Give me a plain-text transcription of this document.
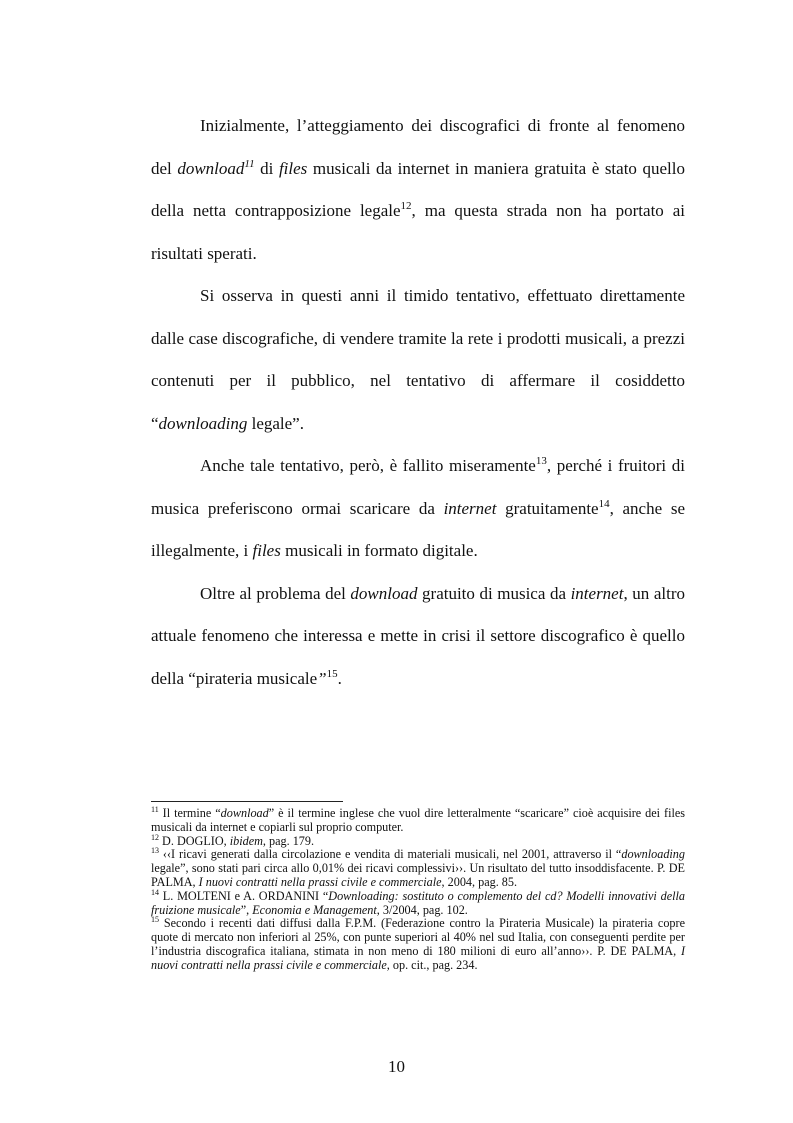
Inizialmente, l’atteggiamento dei discografici di fronte al fenomeno del download$^{11}$ di files musicali da internet in maniera gratuita è stato quello della netta contrapposizione legale$^{12}$, ma questa strada non ha portato ai risultati sperati.

Si osserva in questi anni il timido tentativo, effettuato direttamente dalle case discografiche, di vendere tramite la rete i prodotti musicali, a prezzi contenuti per il pubblico, nel tentativo di affermare il cosiddetto “downloading legale”.

Anche tale tentativo, però, è fallito miseramente$^{13}$, perché i fruitori di musica preferiscono ormai scaricare da internet gratuitamente$^{14}$, anche se illegalmente, i files musicali in formato digitale.

Oltre al problema del download gratuito di musica da internet, un altro attuale fenomeno che interessa e mette in crisi il settore discografico è quello della “pirateria musicale”$^{15}$.

$^{11}$ Il termine “download” è il termine inglese che vuol dire letteralmente “scaricare” cioè acquisire dei files musicali da internet e copiarli sul proprio computer.

$^{12}$ D. DOGLIO, ibidem, pag. 179.

$^{13}$ ‹‹I ricavi generati dalla circolazione e vendita di materiali musicali, nel 2001, attraverso il “downloading legale”, sono stati pari circa allo 0,01% dei ricavi complessivi››. Un risultato del tutto insoddisfacente. P. DE PALMA, I nuovi contratti nella prassi civile e commerciale, 2004, pag. 85.

$^{14}$ L. MOLTENI e A. ORDANINI “Downloading: sostituto o complemento del cd? Modelli innovativi della fruizione musicale”, Economia e Management, 3/2004, pag. 102.

$^{15}$ Secondo i recenti dati diffusi dalla F.P.M. (Federazione contro la Pirateria Musicale) la pirateria copre quote di mercato non inferiori al 25%, con punte superiori al 40% nel sud Italia, con conseguenti perdite per l’industria discografica italiana, stimata in non meno di 180 milioni di euro all’anno››. P. DE PALMA, I nuovi contratti nella prassi civile e commerciale, op. cit., pag. 234.

10
